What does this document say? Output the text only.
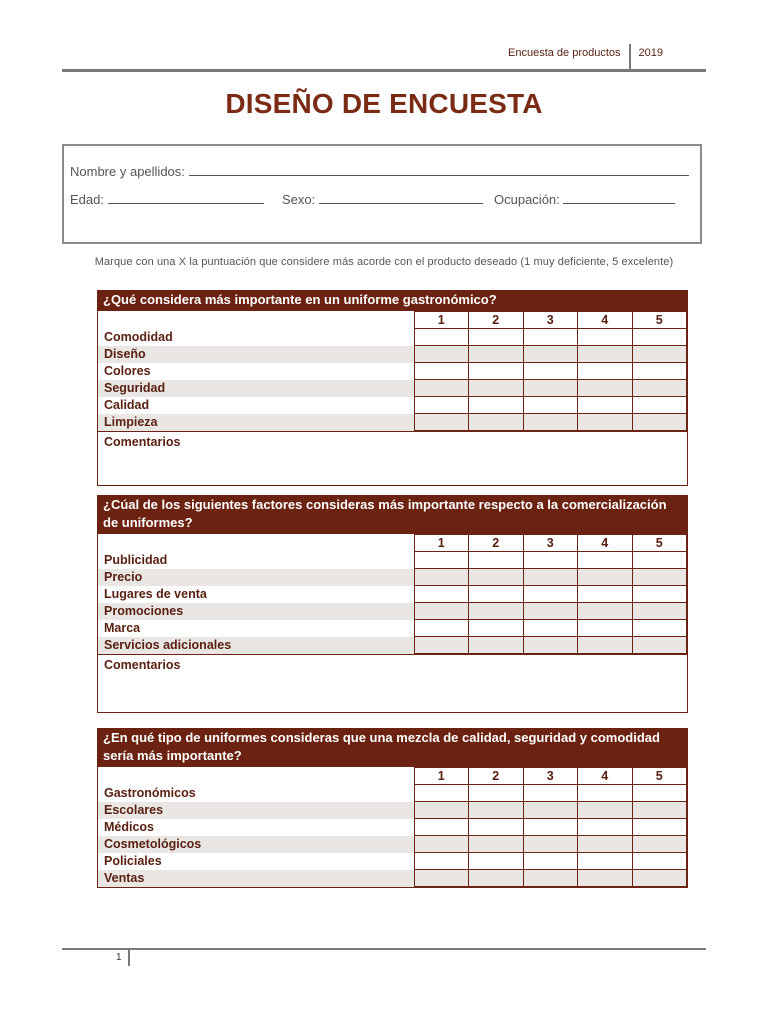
Encuesta de productos	2019
DISEÑO DE ENCUESTA
Nombre y apellidos:
Edad:	Sexo:	Ocupación:
Marque con una X la puntuación que considere más acorde con el producto deseado (1 muy deficiente, 5 excelente)
¿Qué considera más importante en un uniforme gastronómico?
	1	2	3	4	5
Comodidad					
Diseño					
Colores					
Seguridad					
Calidad					
Limpieza					
Comentarios
¿Cúal de los siguientes factores consideras más importante respecto a la comercialización de uniformes?
	1	2	3	4	5
Publicidad					
Precio					
Lugares de venta					
Promociones					
Marca					
Servicios adicionales					
Comentarios
¿En qué tipo de uniformes consideras que una mezcla de calidad, seguridad y comodidad sería más importante?
	1	2	3	4	5
Gastronómicos					
Escolares					
Médicos					
Cosmetológicos					
Policiales					
Ventas					
1
